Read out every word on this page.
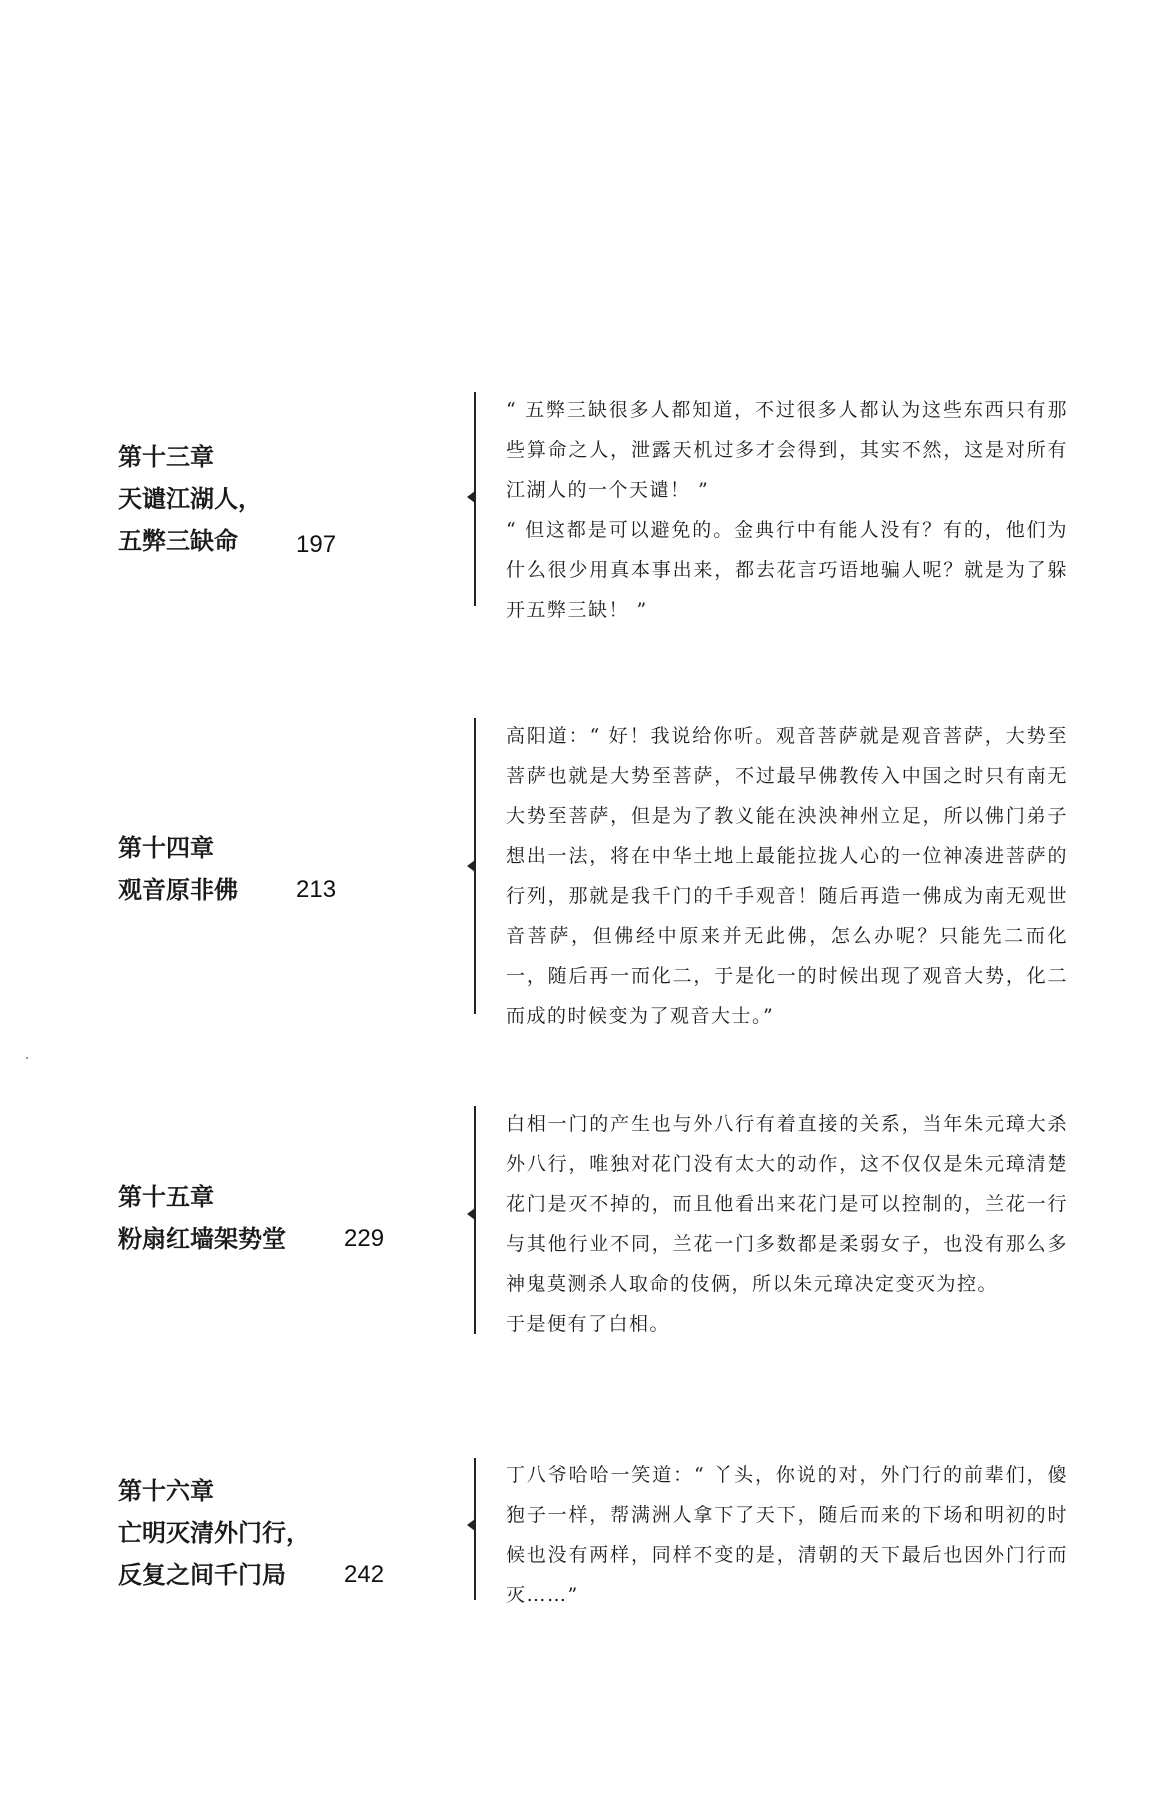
第十三章
天谴江湖人，
五弊三缺命	197

“ 五弊三缺很多人都知道，不过很多人都认为这些东西只有那些算命之人，泄露天机过多才会得到，其实不然，这是对所有江湖人的一个天谴！ ”

“ 但这都是可以避免的。金典行中有能人没有？有的，他们为什么很少用真本事出来，都去花言巧语地骗人呢？就是为了躲开五弊三缺！ ”

第十四章
观音原非佛	213

高阳道：“ 好！我说给你听。观音菩萨就是观音菩萨，大势至菩萨也就是大势至菩萨，不过最早佛教传入中国之时只有南无大势至菩萨，但是为了教义能在泱泱神州立足，所以佛门弟子想出一法，将在中华土地上最能拉拢人心的一位神凑进菩萨的行列，那就是我千门的千手观音！随后再造一佛成为南无观世音菩萨，但佛经中原来并无此佛，怎么办呢？只能先二而化一，随后再一而化二，于是化一的时候出现了观音大势，化二而成的时候变为了观音大士。”

第十五章
粉扇红墙架势堂	229

白相一门的产生也与外八行有着直接的关系，当年朱元璋大杀外八行，唯独对花门没有太大的动作，这不仅仅是朱元璋清楚花门是灭不掉的，而且他看出来花门是可以控制的，兰花一行与其他行业不同，兰花一门多数都是柔弱女子，也没有那么多神鬼莫测杀人取命的伎俩，所以朱元璋决定变灭为控。

于是便有了白相。

第十六章
亡明灭清外门行，
反复之间千门局	242

丁八爷哈哈一笑道：“ 丫头，你说的对，外门行的前辈们，傻狍子一样，帮满洲人拿下了天下，随后而来的下场和明初的时候也没有两样，同样不变的是，清朝的天下最后也因外门行而灭……”
